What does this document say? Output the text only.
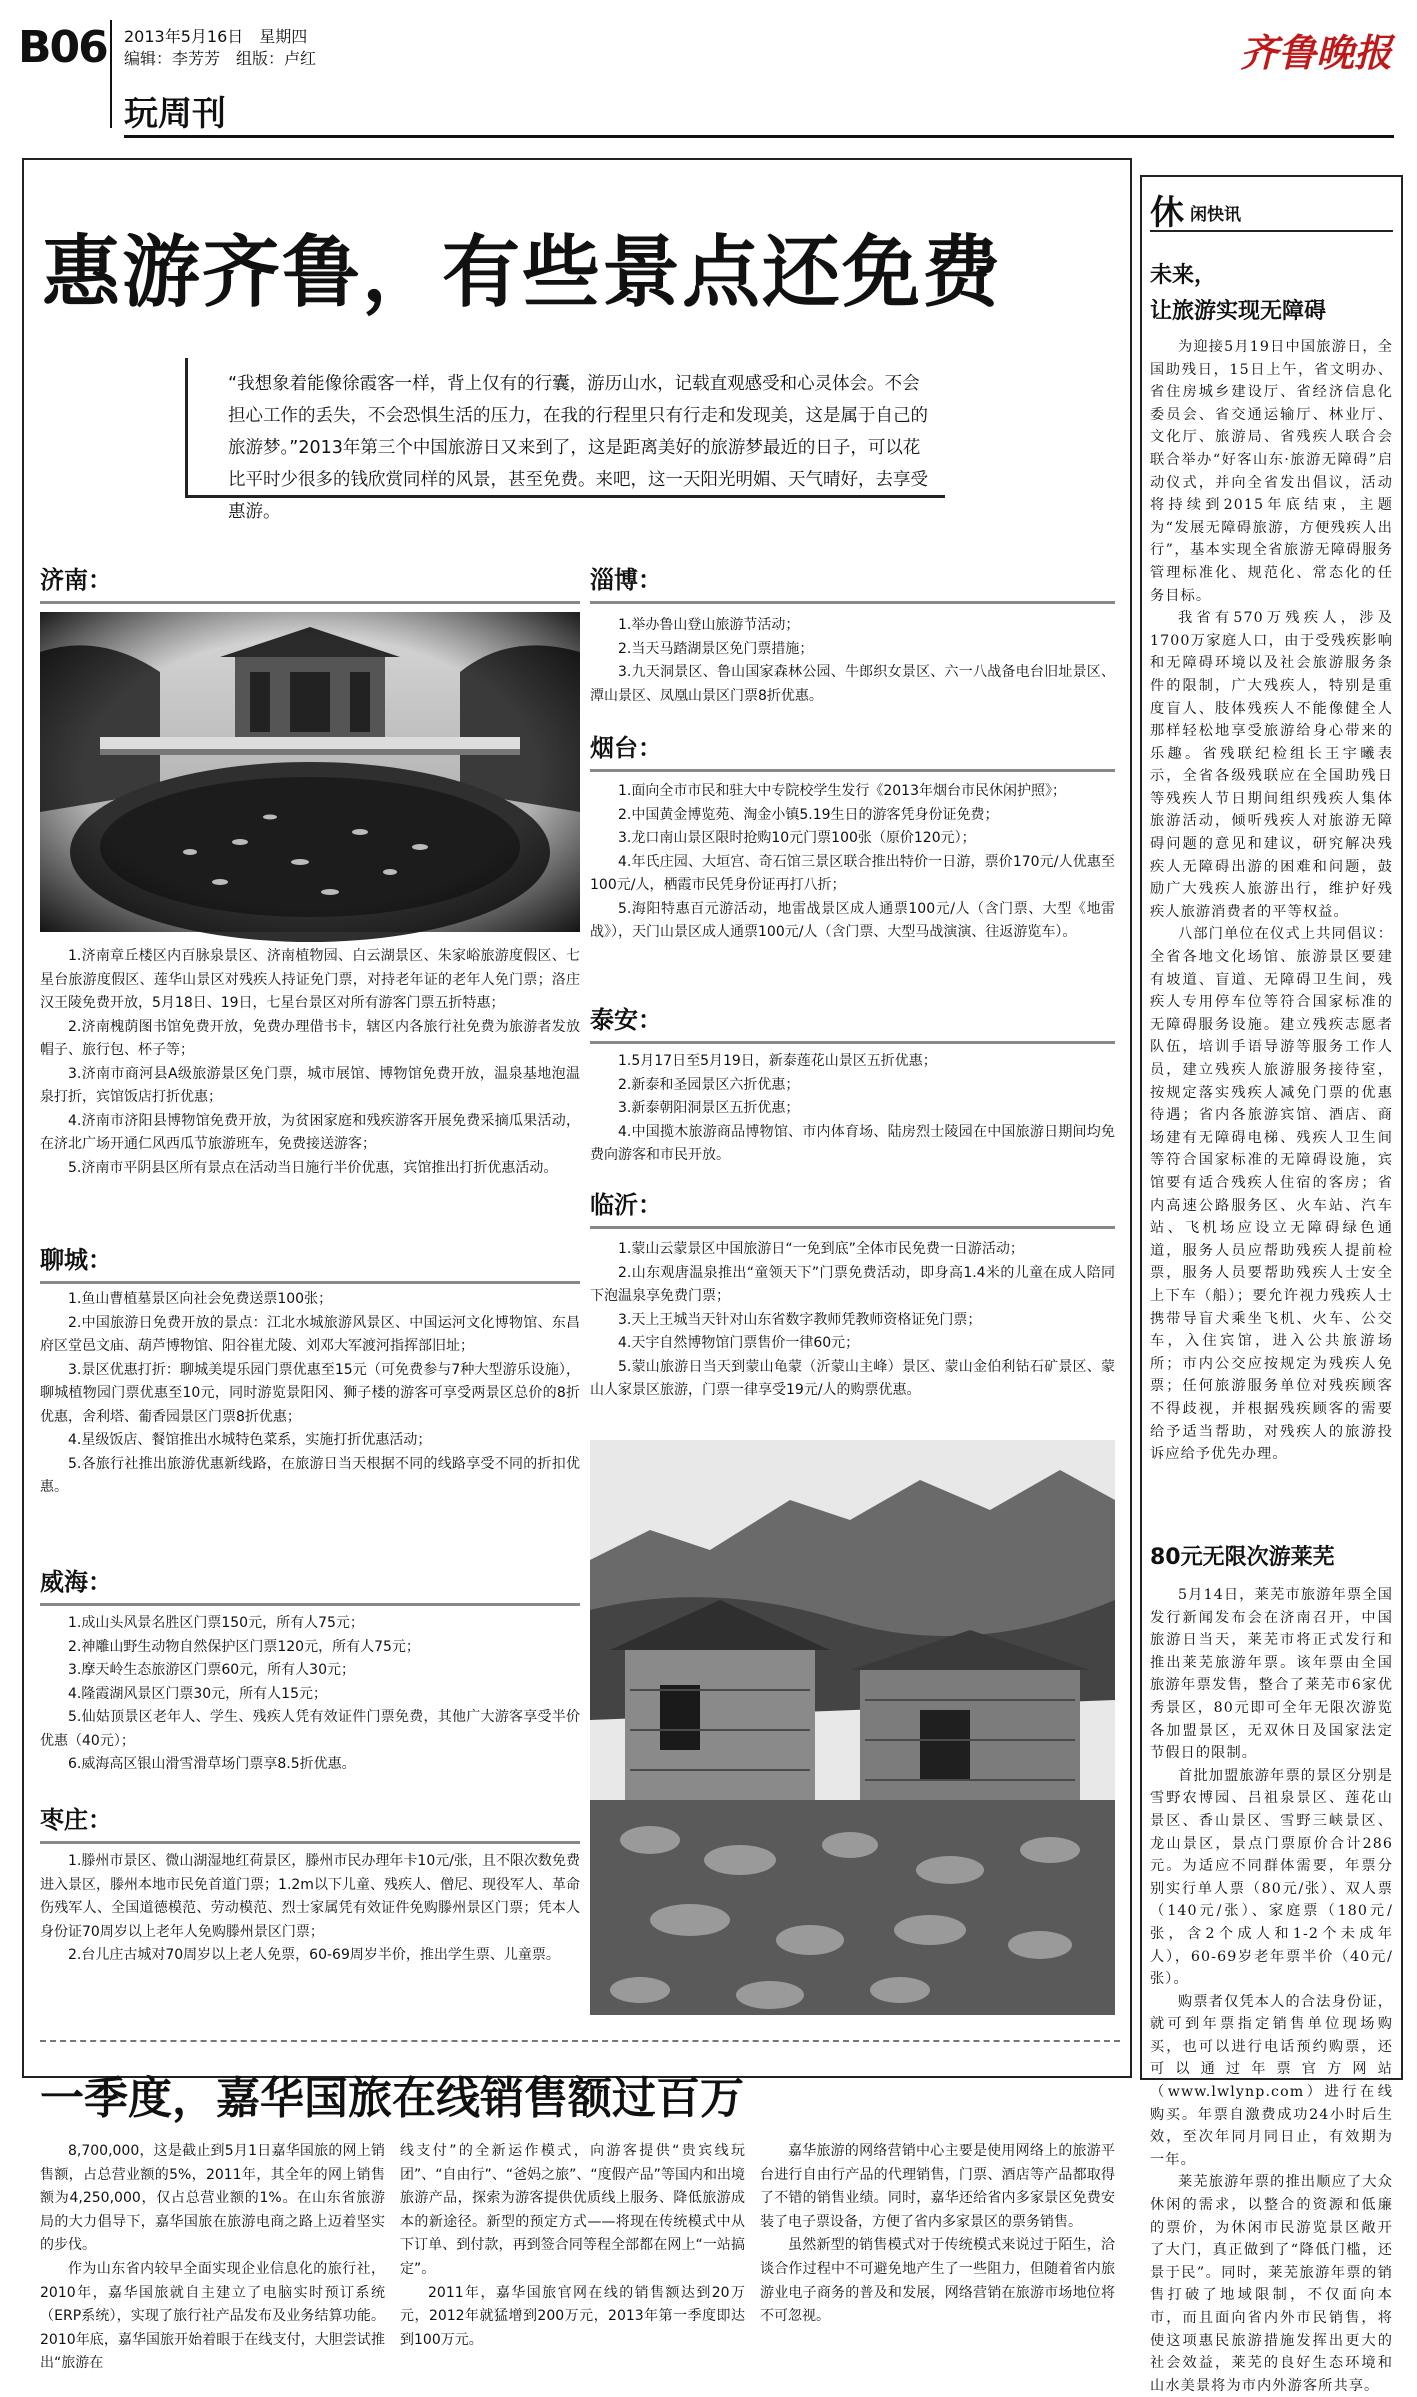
B06 2013年5月16日　星期四
编辑：李芳芳　组版：卢红
玩周刊
齐鲁晚报
惠游齐鲁，有些景点还免费
“我想象着能像徐霞客一样，背上仅有的行囊，游历山水，记载直观感受和心灵体会。不会担心工作的丢失，不会恐惧生活的压力，在我的行程里只有行走和发现美，这是属于自己的旅游梦。”2013年第三个中国旅游日又来到了，这是距离美好的旅游梦最近的日子，可以花比平时少很多的钱欣赏同样的风景，甚至免费。来吧，这一天阳光明媚、天气晴好，去享受惠游。
济南：
1.济南章丘楼区内百脉泉景区、济南植物园、白云湖景区、朱家峪旅游度假区、七星台旅游度假区、莲华山景区对残疾人持证免门票，对持老年证的老年人免门票；洛庄汉王陵免费开放，5月18日、19日，七星台景区对所有游客门票五折特惠；
2.济南槐荫图书馆免费开放，免费办理借书卡，辖区内各旅行社免费为旅游者发放帽子、旅行包、杯子等；
3.济南市商河县A级旅游景区免门票，城市展馆、博物馆免费开放，温泉基地泡温泉打折，宾馆饭店打折优惠；
4.济南市济阳县博物馆免费开放，为贫困家庭和残疾游客开展免费采摘瓜果活动，在济北广场开通仁风西瓜节旅游班车，免费接送游客；
5.济南市平阴县区所有景点在活动当日施行半价优惠，宾馆推出打折优惠活动。
聊城：
1.鱼山曹植墓景区向社会免费送票100张；
2.中国旅游日免费开放的景点：江北水城旅游风景区、中国运河文化博物馆、东昌府区堂邑文庙、葫芦博物馆、阳谷崔尤陵、刘邓大军渡河指挥部旧址；
3.景区优惠打折：聊城美堤乐园门票优惠至15元（可免费参与7种大型游乐设施），聊城植物园门票优惠至10元，同时游览景阳冈、狮子楼的游客可享受两景区总价的8折优惠，舍利塔、葡香园景区门票8折优惠；
4.星级饭店、餐馆推出水城特色菜系，实施打折优惠活动；
5.各旅行社推出旅游优惠新线路，在旅游日当天根据不同的线路享受不同的折扣优惠。
威海：
1.成山头风景名胜区门票150元，所有人75元；
2.神雕山野生动物自然保护区门票120元，所有人75元；
3.摩天岭生态旅游区门票60元，所有人30元；
4.隆霞湖风景区门票30元，所有人15元；
5.仙姑顶景区老年人、学生、残疾人凭有效证件门票免费，其他广大游客享受半价优惠（40元）；
6.威海高区银山滑雪滑草场门票享8.5折优惠。
枣庄：
1.滕州市景区、微山湖湿地红荷景区，滕州市民办理年卡10元/张，且不限次数免费进入景区，滕州本地市民免首道门票；1.2m以下儿童、残疾人、僧尼、现役军人、革命伤残军人、全国道德模范、劳动模范、烈士家属凭有效证件免购滕州景区门票；凭本人身份证70周岁以上老年人免购滕州景区门票；
2.台儿庄古城对70周岁以上老人免票，60-69周岁半价，推出学生票、儿童票。
淄博：
1.举办鲁山登山旅游节活动；
2.当天马踏湖景区免门票措施；
3.九天洞景区、鲁山国家森林公园、牛郎织女景区、六一八战备电台旧址景区、潭山景区、凤凰山景区门票8折优惠。
烟台：
1.面向全市市民和驻大中专院校学生发行《2013年烟台市民休闲护照》；
2.中国黄金博览苑、淘金小镇5.19生日的游客凭身份证免费；
3.龙口南山景区限时抢购10元门票100张（原价120元）；
4.年氏庄园、大垣宫、奇石馆三景区联合推出特价一日游，票价170元/人优惠至100元/人，栖霞市民凭身份证再打八折；
5.海阳特惠百元游活动，地雷战景区成人通票100元/人（含门票、大型《地雷战》），天门山景区成人通票100元/人（含门票、大型马战演演、往返游览车）。
泰安：
1.5月17日至5月19日，新泰莲花山景区五折优惠；
2.新泰和圣园景区六折优惠；
3.新泰朝阳洞景区五折优惠；
4.中国揽木旅游商品博物馆、市内体育场、陆房烈士陵园在中国旅游日期间均免费向游客和市民开放。
临沂：
1.蒙山云蒙景区中国旅游日“一免到底”全体市民免费一日游活动；
2.山东观唐温泉推出“童领天下”门票免费活动，即身高1.4米的儿童在成人陪同下泡温泉享免费门票；
3.天上王城当天针对山东省数字教师凭教师资格证免门票；
4.天宇自然博物馆门票售价一律60元；
5.蒙山旅游日当天到蒙山龟蒙（沂蒙山主峰）景区、蒙山金伯利钻石矿景区、蒙山人家景区旅游，门票一律享受19元/人的购票优惠。
休 闲快讯
未来，
让旅游实现无障碍
为迎接5月19日中国旅游日，全国助残日，15日上午，省文明办、省住房城乡建设厅、省经济信息化委员会、省交通运输厅、林业厅、文化厅、旅游局、省残疾人联合会联合举办“好客山东·旅游无障碍”启动仪式，并向全省发出倡议，活动将持续到2015年底结束，主题为“发展无障碍旅游，方便残疾人出行”，基本实现全省旅游无障碍服务管理标准化、规范化、常态化的任务目标。
我省有570万残疾人，涉及1700万家庭人口，由于受残疾影响和无障碍环境以及社会旅游服务条件的限制，广大残疾人，特别是重度盲人、肢体残疾人不能像健全人那样轻松地享受旅游给身心带来的乐趣。省残联纪检组长王宇曦表示，全省各级残联应在全国助残日等残疾人节日期间组织残疾人集体旅游活动，倾听残疾人对旅游无障碍问题的意见和建议，研究解决残疾人无障碍出游的困难和问题，鼓励广大残疾人旅游出行，维护好残疾人旅游消费者的平等权益。
八部门单位在仪式上共同倡议：全省各地文化场馆、旅游景区要建有坡道、盲道、无障碍卫生间，残疾人专用停车位等符合国家标准的无障碍服务设施。建立残疾志愿者队伍，培训手语导游等服务工作人员，建立残疾人旅游服务接待室，按规定落实残疾人减免门票的优惠待遇；省内各旅游宾馆、酒店、商场建有无障碍电梯、残疾人卫生间等符合国家标准的无障碍设施，宾馆要有适合残疾人住宿的客房；省内高速公路服务区、火车站、汽车站、飞机场应设立无障碍绿色通道，服务人员应帮助残疾人提前检票，服务人员要帮助残疾人士安全上下车（船）；要允许视力残疾人士携带导盲犬乘坐飞机、火车、公交车，入住宾馆，进入公共旅游场所；市内公交应按规定为残疾人免票；任何旅游服务单位对残疾顾客不得歧视，并根据残疾顾客的需要给予适当帮助，对残疾人的旅游投诉应给予优先办理。
80元无限次游莱芜
5月14日，莱芜市旅游年票全国发行新闻发布会在济南召开，中国旅游日当天，莱芜市将正式发行和推出莱芜旅游年票。该年票由全国旅游年票发售，整合了莱芜市6家优秀景区，80元即可全年无限次游览各加盟景区，无双休日及国家法定节假日的限制。
首批加盟旅游年票的景区分别是雪野农博园、吕祖泉景区、莲花山景区、香山景区、雪野三峡景区、龙山景区，景点门票原价合计286元。为适应不同群体需要，年票分别实行单人票（80元/张）、双人票（140元/张）、家庭票（180元/张，含2个成人和1-2个未成年人），60-69岁老年票半价（40元/张）。
购票者仅凭本人的合法身份证，就可到年票指定销售单位现场购买，也可以进行电话预约购票，还可以通过年票官方网站（www.lwlynp.com）进行在线购买。年票自激费成功24小时后生效，至次年同月同日止，有效期为一年。
莱芜旅游年票的推出顺应了大众休闲的需求，以整合的资源和低廉的票价，为休闲市民游览景区敞开了大门，真正做到了“降低门槛，还景于民”。同时，莱芜旅游年票的销售打破了地域限制，不仅面向本市，而且面向省内外市民销售，将使这项惠民旅游措施发挥出更大的社会效益，莱芜的良好生态环境和山水美景将为市内外游客所共享。
一季度，嘉华国旅在线销售额过百万
8,700,000，这是截止到5月1日嘉华国旅的网上销售额，占总营业额的5%，2011年，其全年的网上销售额为4,250,000，仅占总营业额的1%。在山东省旅游局的大力倡导下，嘉华国旅在旅游电商之路上迈着坚实的步伐。
作为山东省内较早全面实现企业信息化的旅行社，2010年，嘉华国旅就自主建立了电脑实时预订系统（ERP系统），实现了旅行社产品发布及业务结算功能。2010年底，嘉华国旅开始着眼于在线支付，大胆尝试推出“旅游在
线支付”的全新运作模式，向游客提供“贵宾线玩团”、“自由行”、“爸妈之旅”、“度假产品”等国内和出境旅游产品，探索为游客提供优质线上服务、降低旅游成本的新途径。新型的预定方式——将现在传统模式中从下订单、到付款，再到签合同等程全部都在网上“一站搞定”。
2011年，嘉华国旅官网在线的销售额达到20万元，2012年就猛增到200万元，2013年第一季度即达到100万元。
嘉华旅游的网络营销中心主要是使用网络上的旅游平台进行自由行产品的代理销售，门票、酒店等产品都取得了不错的销售业绩。同时，嘉华还给省内多家景区免费安装了电子票设备，方便了省内多家景区的票务销售。
虽然新型的销售模式对于传统模式来说过于陌生，洽谈合作过程中不可避免地产生了一些阻力，但随着省内旅游业电子商务的普及和发展，网络营销在旅游市场地位将不可忽视。
